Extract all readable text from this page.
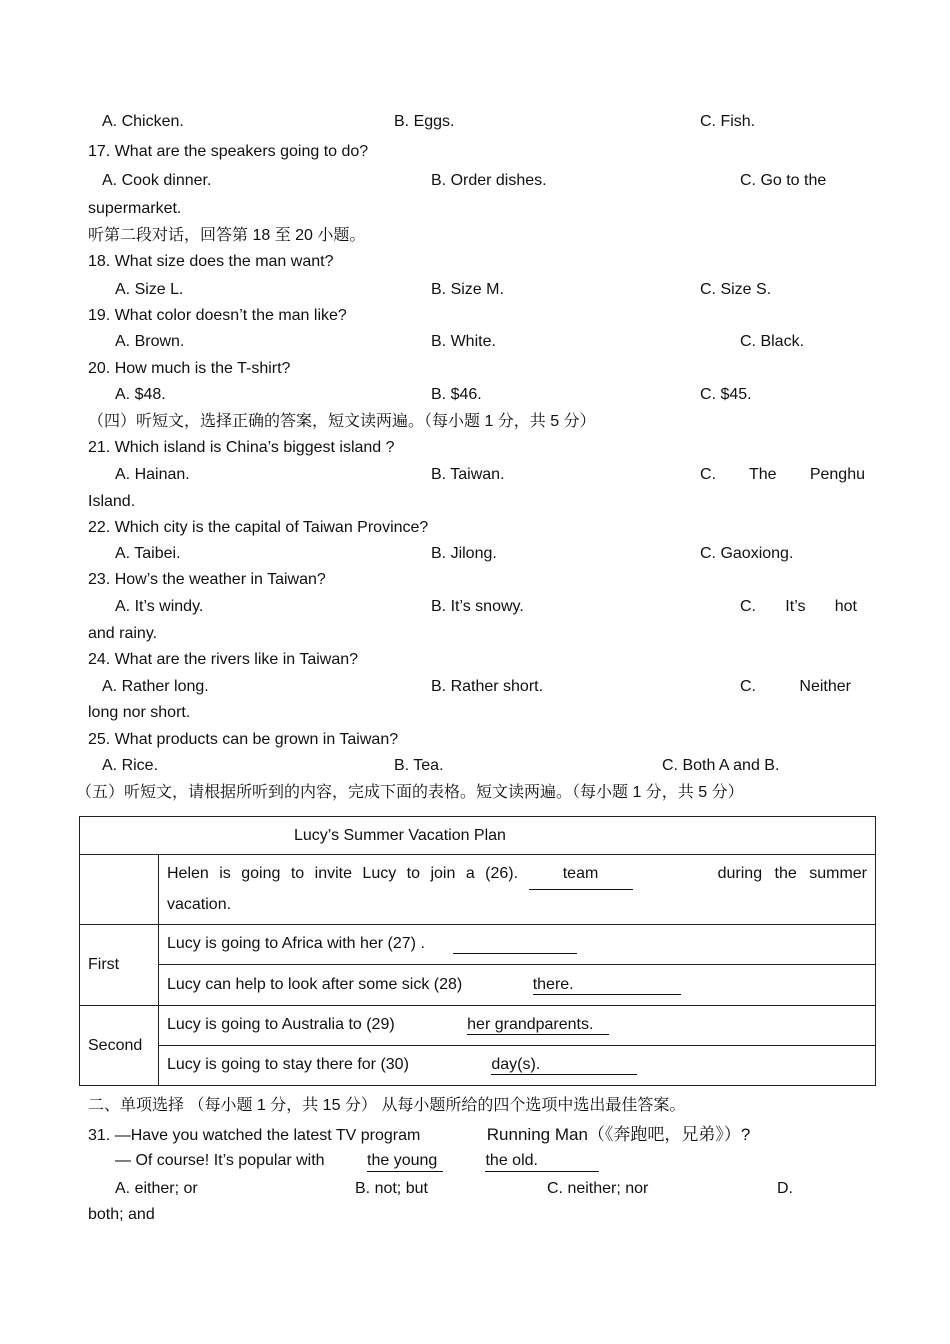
A. Chicken.	B. Eggs.	C. Fish.
17. What are the speakers going to do?
A. Cook dinner.	B. Order dishes.	C. Go to the
supermarket.
听第二段对话，回答第 18 至 20 小题。
18. What size does the man want?
A. Size L.	B. Size M.	C. Size S.
19. What color doesn’t the man like?
A. Brown.	B. White.	C. Black.
20. How much is the T-shirt?
A. $48.	B. $46.	C. $45.
（四）听短文，选择正确的答案，短文读两遍。（每小题 1 分，共 5 分）
21. Which island is China’s biggest island ?
A. Hainan.	B. Taiwan.	C. The Penghu
Island.
22. Which city is the capital of Taiwan Province?
A. Taibei.	B. Jilong.	C. Gaoxiong.
23. How’s the weather in Taiwan?
A. It’s windy.	B. It’s snowy.	C. It’s hot
and rainy.
24. What are the rivers like in Taiwan?
A. Rather long.	B. Rather short.	C. Neither
long nor short.
25. What products can be grown in Taiwan?
A. Rice.	B. Tea.	C. Both A and B.
（五）听短文，请根据所听到的内容，完成下面的表格。短文读两遍。（每小题 1 分，共 5 分）
Lucy’s Summer Vacation Plan	

	Helen is going to invite Lucy to join a (26). team during the summer
vacation.

First	Lucy is going to Africa with her (27) .
	Lucy can help to look after some sick (28) there.
Second	Lucy is going to Australia to (29) her grandparents.
	Lucy is going to stay there for (30) day(s).
二、单项选择 （每小题 1 分，共 15 分） 从每小题所给的四个选项中选出最佳答案。
31. —Have you watched the latest TV program	Running Man（《奔跑吧，兄弟》）?
— Of course! It’s popular with	the young	the old.
A. either; or	B. not; but	C. neither; nor	D.
both; and
